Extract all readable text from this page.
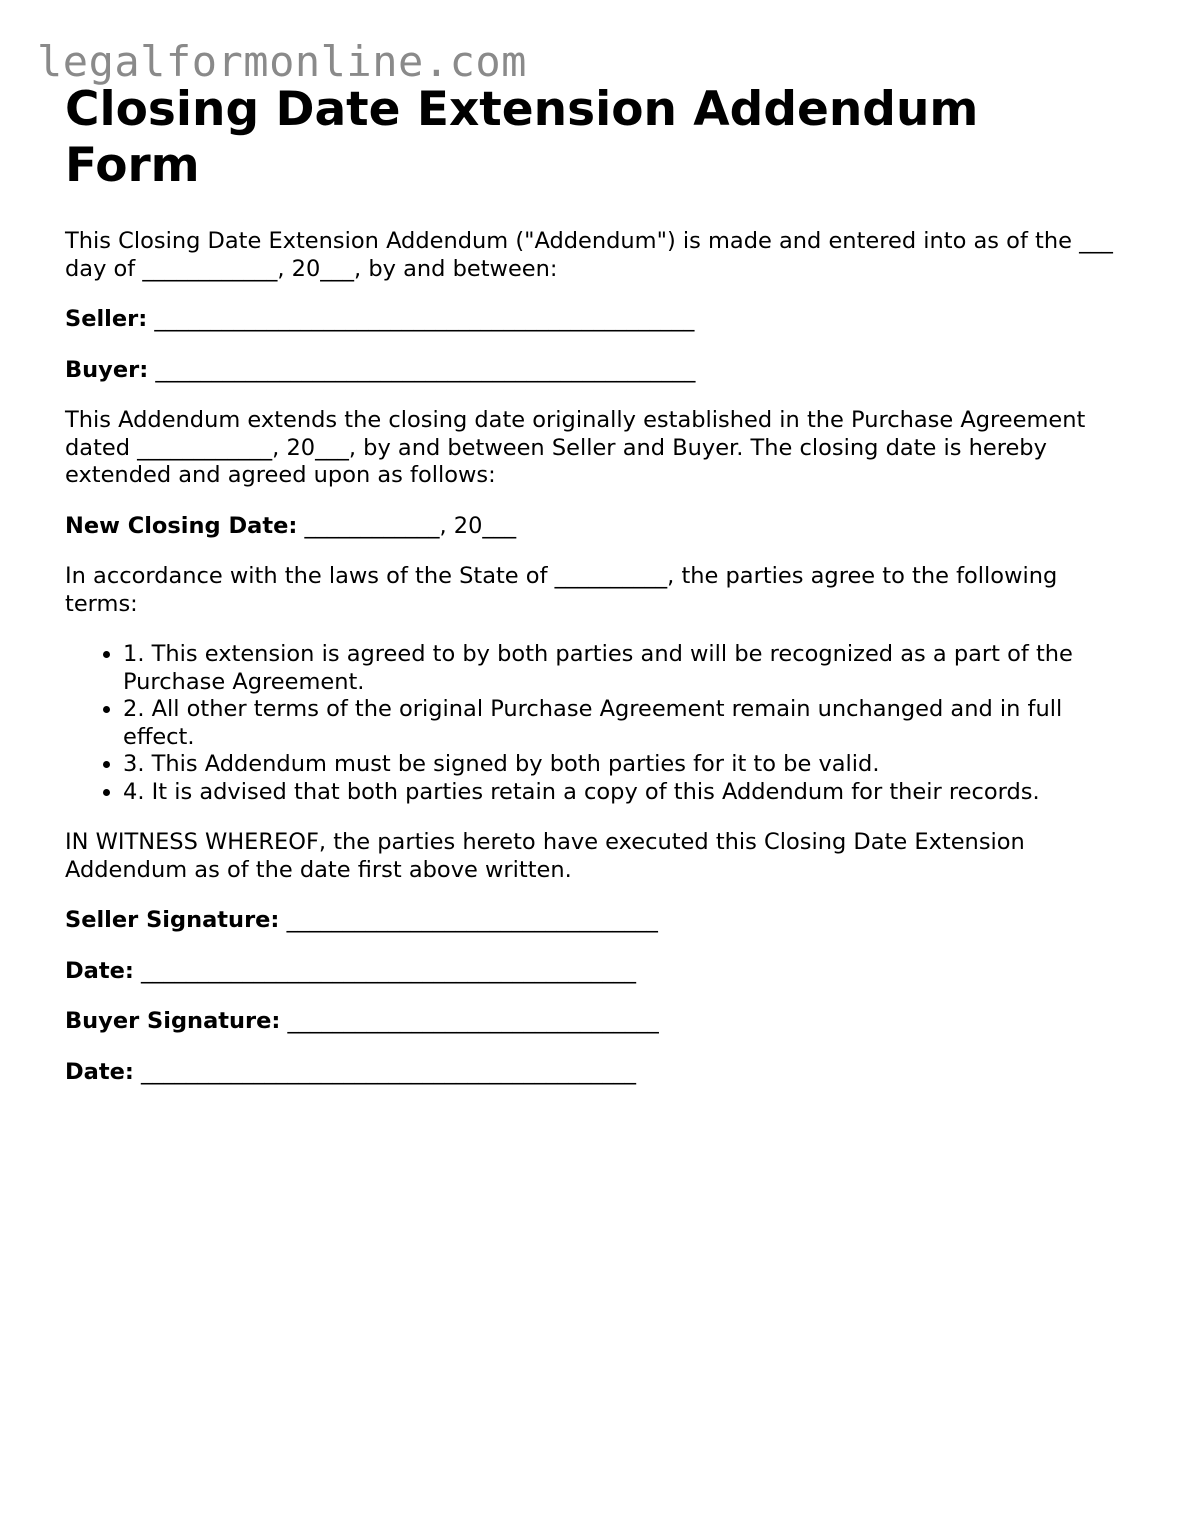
legalformonline.com
Closing Date Extension Addendum Form

This Closing Date Extension Addendum ("Addendum") is made and entered into as of the ___ day of ____________, 20___, by and between:

Seller: ________________________________________________

Buyer: ________________________________________________

This Addendum extends the closing date originally established in the Purchase Agreement dated ____________, 20___, by and between Seller and Buyer. The closing date is hereby extended and agreed upon as follows:

New Closing Date: ____________, 20___

In accordance with the laws of the State of __________, the parties agree to the following terms:

• 1. This extension is agreed to by both parties and will be recognized as a part of the Purchase Agreement.
• 2. All other terms of the original Purchase Agreement remain unchanged and in full effect.
• 3. This Addendum must be signed by both parties for it to be valid.
• 4. It is advised that both parties retain a copy of this Addendum for their records.

IN WITNESS WHEREOF, the parties hereto have executed this Closing Date Extension Addendum as of the date first above written.

Seller Signature: _________________________________

Date: ____________________________________________

Buyer Signature: _________________________________

Date: ____________________________________________
